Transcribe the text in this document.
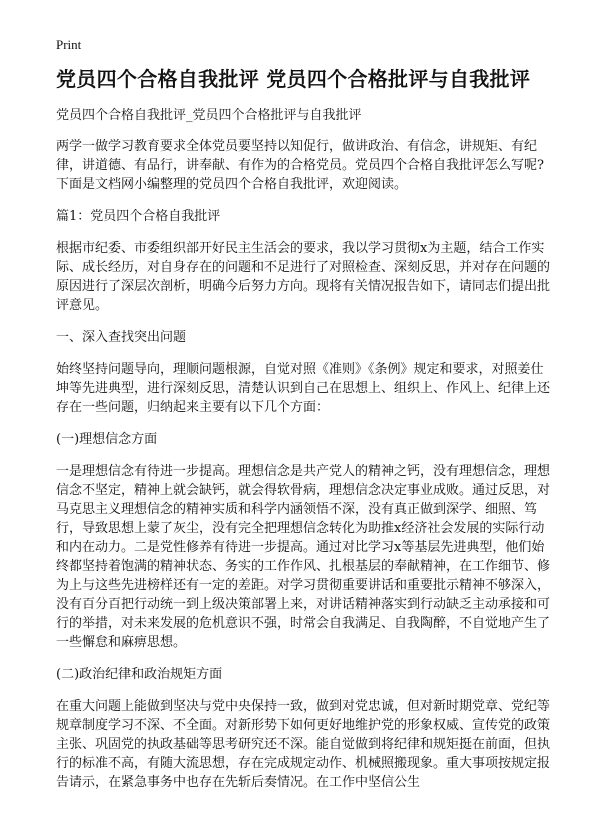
Print
党员四个合格自我批评 党员四个合格批评与自我批评

党员四个合格自我批评_党员四个合格批评与自我批评

两学一做学习教育要求全体党员要坚持以知促行，做讲政治、有信念，讲规矩、有纪律，讲道德、有品行，讲奉献、有作为的合格党员。党员四个合格自我批评怎么写呢?下面是文档网小编整理的党员四个合格自我批评，欢迎阅读。

篇1：党员四个合格自我批评

根据市纪委、市委组织部开好民主生活会的要求，我以学习贯彻x为主题，结合工作实际、成长经历，对自身存在的问题和不足进行了对照检查、深刻反思，并对存在问题的原因进行了深层次剖析，明确今后努力方向。现将有关情况报告如下，请同志们提出批评意见。

一、深入查找突出问题

始终坚持问题导向，理顺问题根源，自觉对照《准则》《条例》规定和要求，对照姜仕坤等先进典型，进行深刻反思，清楚认识到自己在思想上、组织上、作风上、纪律上还存在一些问题，归纳起来主要有以下几个方面：

(一)理想信念方面

一是理想信念有待进一步提高。理想信念是共产党人的精神之钙，没有理想信念，理想信念不坚定，精神上就会缺钙，就会得软骨病，理想信念决定事业成败。通过反思，对马克思主义理想信念的精神实质和科学内涵领悟不深，没有真正做到深学、细照、笃行，导致思想上蒙了灰尘，没有完全把理想信念转化为助推x经济社会发展的实际行动和内在动力。二是党性修养有待进一步提高。通过对比学习x等基层先进典型，他们始终都坚持着饱满的精神状态、务实的工作作风、扎根基层的奉献精神，在工作细节、修为上与这些先进榜样还有一定的差距。对学习贯彻重要讲话和重要批示精神不够深入，没有百分百把行动统一到上级决策部署上来，对讲话精神落实到行动缺乏主动承接和可行的举措，对未来发展的危机意识不强，时常会自我满足、自我陶醉，不自觉地产生了一些懈怠和麻痹思想。

(二)政治纪律和政治规矩方面

在重大问题上能做到坚决与党中央保持一致，做到对党忠诚，但对新时期党章、党纪等规章制度学习不深、不全面。对新形势下如何更好地维护党的形象权威、宣传党的政策主张、巩固党的执政基础等思考研究还不深。能自觉做到将纪律和规矩挺在前面，但执行的标准不高，有随大流思想，存在完成规定动作、机械照搬现象。重大事项按规定报告请示，在紧急事务中也存在先斩后奏情况。在工作中坚信公生
